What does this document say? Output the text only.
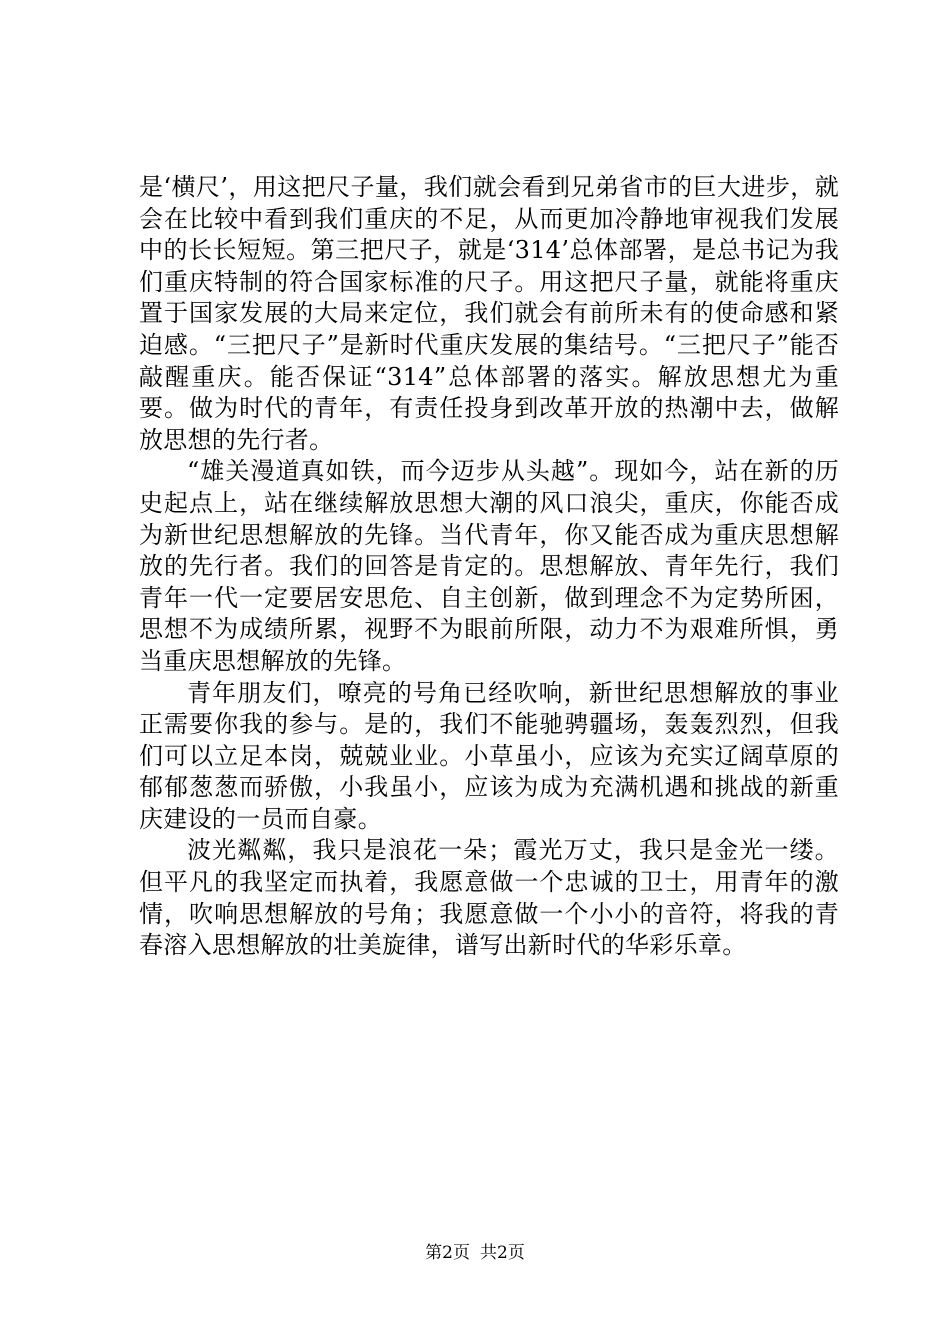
是‘横尺’，用这把尺子量，我们就会看到兄弟省市的巨大进步，就会在比较中看到我们重庆的不足，从而更加冷静地审视我们发展中的长长短短。第三把尺子，就是‘314’总体部署，是总书记为我们重庆特制的符合国家标准的尺子。用这把尺子量，就能将重庆置于国家发展的大局来定位，我们就会有前所未有的使命感和紧迫感。“三把尺子”是新时代重庆发展的集结号。“三把尺子”能否敲醒重庆。能否保证“314”总体部署的落实。解放思想尤为重要。做为时代的青年，有责任投身到改革开放的热潮中去，做解放思想的先行者。

“雄关漫道真如铁，而今迈步从头越”。现如今，站在新的历史起点上，站在继续解放思想大潮的风口浪尖，重庆，你能否成为新世纪思想解放的先锋。当代青年，你又能否成为重庆思想解放的先行者。我们的回答是肯定的。思想解放、青年先行，我们青年一代一定要居安思危、自主创新，做到理念不为定势所困，思想不为成绩所累，视野不为眼前所限，动力不为艰难所惧，勇当重庆思想解放的先锋。

青年朋友们，嘹亮的号角已经吹响，新世纪思想解放的事业正需要你我的参与。是的，我们不能驰骋疆场，轰轰烈烈，但我们可以立足本岗，兢兢业业。小草虽小，应该为充实辽阔草原的郁郁葱葱而骄傲，小我虽小，应该为成为充满机遇和挑战的新重庆建设的一员而自豪。

波光粼粼，我只是浪花一朵；霞光万丈，我只是金光一缕。但平凡的我坚定而执着，我愿意做一个忠诚的卫士，用青年的激情，吹响思想解放的号角；我愿意做一个小小的音符，将我的青春溶入思想解放的壮美旋律，谱写出新时代的华彩乐章。

第2页 共2页
